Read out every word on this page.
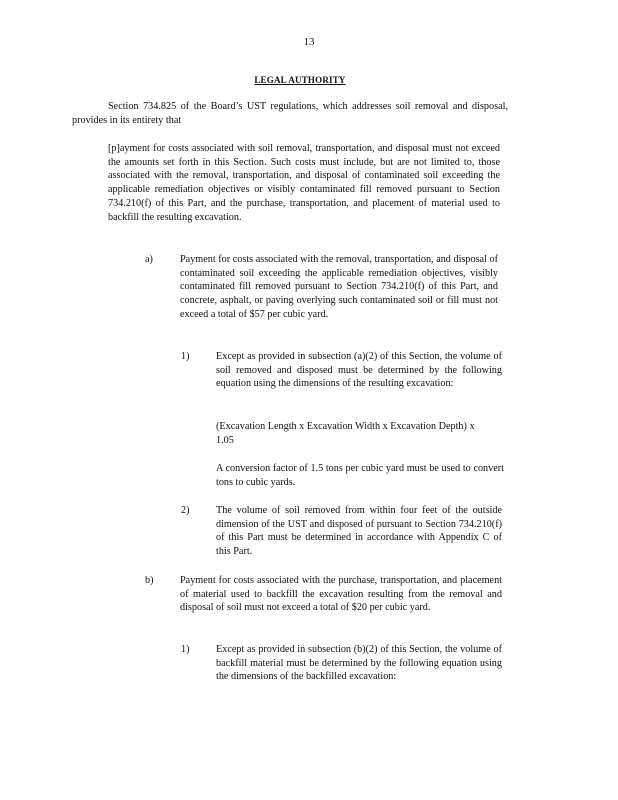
13
LEGAL AUTHORITY

Section 734.825 of the Board’s UST regulations, which addresses soil removal and disposal, provides in its entirety that

[p]ayment for costs associated with soil removal, transportation, and disposal must not exceed the amounts set forth in this Section. Such costs must include, but are not limited to, those associated with the removal, transportation, and disposal of contaminated soil exceeding the applicable remediation objectives or visibly contaminated fill removed pursuant to Section 734.210(f) of this Part, and the purchase, transportation, and placement of material used to backfill the resulting excavation.

a)	Payment for costs associated with the removal, transportation, and disposal of contaminated soil exceeding the applicable remediation objectives, visibly contaminated fill removed pursuant to Section 734.210(f) of this Part, and concrete, asphalt, or paving overlying such contaminated soil or fill must not exceed a total of $57 per cubic yard.

1)	Except as provided in subsection (a)(2) of this Section, the volume of soil removed and disposed must be determined by the following equation using the dimensions of the resulting excavation:

(Excavation Length x Excavation Width x Excavation Depth) x 1.05

A conversion factor of 1.5 tons per cubic yard must be used to convert tons to cubic yards.

2)	The volume of soil removed from within four feet of the outside dimension of the UST and disposed of pursuant to Section 734.210(f) of this Part must be determined in accordance with Appendix C of this Part.

b)	Payment for costs associated with the purchase, transportation, and placement of material used to backfill the excavation resulting from the removal and disposal of soil must not exceed a total of $20 per cubic yard.

1)	Except as provided in subsection (b)(2) of this Section, the volume of backfill material must be determined by the following equation using the dimensions of the backfilled excavation:
